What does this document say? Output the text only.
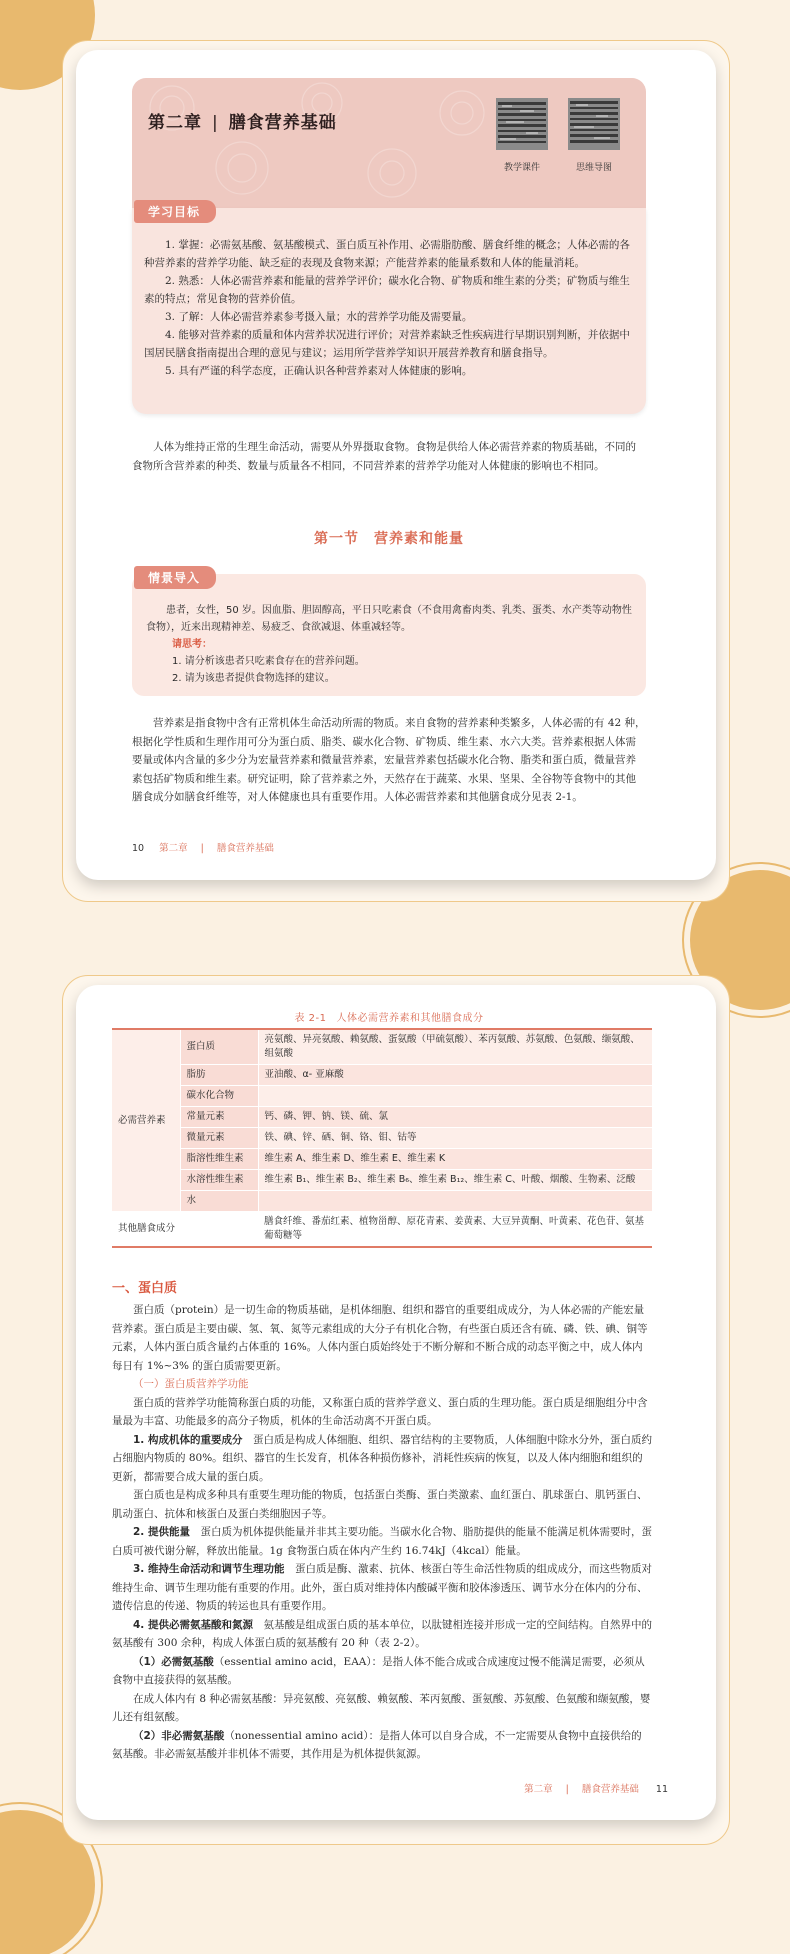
第二章 | 膳食营养基础
教学课件	思维导图

1. 掌握：必需氨基酸、氨基酸模式、蛋白质互补作用、必需脂肪酸、膳食纤维的概念；人体必需的各种营养素的营养学功能、缺乏症的表现及食物来源；产能营养素的能量系数和人体的能量消耗。

2. 熟悉：人体必需营养素和能量的营养学评价；碳水化合物、矿物质和维生素的分类；矿物质与维生素的特点；常见食物的营养价值。

3. 了解：人体必需营养素参考摄入量；水的营养学功能及需要量。

4. 能够对营养素的质量和体内营养状况进行评价；对营养素缺乏性疾病进行早期识别判断，并依据中国居民膳食指南提出合理的意见与建议；运用所学营养学知识开展营养教育和膳食指导。

5. 具有严谨的科学态度，正确认识各种营养素对人体健康的影响。

学习目标

人体为维持正常的生理生命活动，需要从外界摄取食物。食物是供给人体必需营养素的物质基础，不同的食物所含营养素的种类、数量与质量各不相同，不同营养素的营养学功能对人体健康的影响也不相同。

第一节　营养素和能量
患者，女性，50 岁。因血脂、胆固醇高，平日只吃素食（不食用禽畜肉类、乳类、蛋类、水产类等动物性食物），近来出现精神差、易疲乏、食欲减退、体重减轻等。
请思考：
1. 请分析该患者只吃素食存在的营养问题。
2. 请为该患者提供食物选择的建议。
情景导入

营养素是指食物中含有正常机体生命活动所需的物质。来自食物的营养素种类繁多，人体必需的有 42 种，根据化学性质和生理作用可分为蛋白质、脂类、碳水化合物、矿物质、维生素、水六大类。营养素根据人体需要量或体内含量的多少分为宏量营养素和微量营养素，宏量营养素包括碳水化合物、脂类和蛋白质，微量营养素包括矿物质和维生素。研究证明，除了营养素之外，天然存在于蔬菜、水果、坚果、全谷物等食物中的其他膳食成分如膳食纤维等，对人体健康也具有重要作用。人体必需营养素和其他膳食成分见表 2-1。

10 第二章 | 膳食营养基础
表 2-1 人体必需营养素和其他膳食成分
必需营养素	蛋白质	亮氨酸、异亮氨酸、赖氨酸、蛋氨酸（甲硫氨酸）、苯丙氨酸、苏氨酸、色氨酸、缬氨酸、组氨酸
	脂肪	亚油酸、α- 亚麻酸
	碳水化合物	
	常量元素	钙、磷、钾、钠、镁、硫、氯
	微量元素	铁、碘、锌、硒、铜、铬、钼、钴等
	脂溶性维生素	维生素 A、维生素 D、维生素 E、维生素 K
	水溶性维生素	维生素 B₁、维生素 B₂、维生素 B₆、维生素 B₁₂、维生素 C、叶酸、烟酸、生物素、泛酸
	水	
其他膳食成分		膳食纤维、番茄红素、植物甾醇、原花青素、姜黄素、大豆异黄酮、叶黄素、花色苷、氨基葡萄糖等
一、蛋白质

蛋白质（protein）是一切生命的物质基础，是机体细胞、组织和器官的重要组成成分，为人体必需的产能宏量营养素。蛋白质是主要由碳、氢、氧、氮等元素组成的大分子有机化合物，有些蛋白质还含有硫、磷、铁、碘、铜等元素，人体内蛋白质含量约占体重的 16%。人体内蛋白质始终处于不断分解和不断合成的动态平衡之中，成人体内每日有 1%~3% 的蛋白质需要更新。

（一）蛋白质营养学功能

蛋白质的营养学功能简称蛋白质的功能，又称蛋白质的营养学意义、蛋白质的生理功能。蛋白质是细胞组分中含量最为丰富、功能最多的高分子物质，机体的生命活动离不开蛋白质。

1. 构成机体的重要成分　蛋白质是构成人体细胞、组织、器官结构的主要物质，人体细胞中除水分外，蛋白质约占细胞内物质的 80%。组织、器官的生长发育，机体各种损伤修补，消耗性疾病的恢复，以及人体内细胞和组织的更新，都需要合成大量的蛋白质。

蛋白质也是构成多种具有重要生理功能的物质，包括蛋白类酶、蛋白类激素、血红蛋白、肌球蛋白、肌钙蛋白、肌动蛋白、抗体和核蛋白及蛋白类细胞因子等。

2. 提供能量　蛋白质为机体提供能量并非其主要功能。当碳水化合物、脂肪提供的能量不能满足机体需要时，蛋白质可被代谢分解，释放出能量。1g 食物蛋白质在体内产生约 16.74kJ（4kcal）能量。

3. 维持生命活动和调节生理功能　蛋白质是酶、激素、抗体、核蛋白等生命活性物质的组成成分，而这些物质对维持生命、调节生理功能有重要的作用。此外，蛋白质对维持体内酸碱平衡和胶体渗透压、调节水分在体内的分布、遗传信息的传递、物质的转运也具有重要作用。

4. 提供必需氨基酸和氮源　氨基酸是组成蛋白质的基本单位，以肽键相连接并形成一定的空间结构。自然界中的氨基酸有 300 余种，构成人体蛋白质的氨基酸有 20 种（表 2-2）。

（1）必需氨基酸（essential amino acid，EAA）：是指人体不能合成或合成速度过慢不能满足需要，必须从食物中直接获得的氨基酸。

在成人体内有 8 种必需氨基酸：异亮氨酸、亮氨酸、赖氨酸、苯丙氨酸、蛋氨酸、苏氨酸、色氨酸和缬氨酸，婴儿还有组氨酸。

（2）非必需氨基酸（nonessential amino acid）：是指人体可以自身合成，不一定需要从食物中直接供给的氨基酸。非必需氨基酸并非机体不需要，其作用是为机体提供氮源。

第二章 | 膳食营养基础 11
